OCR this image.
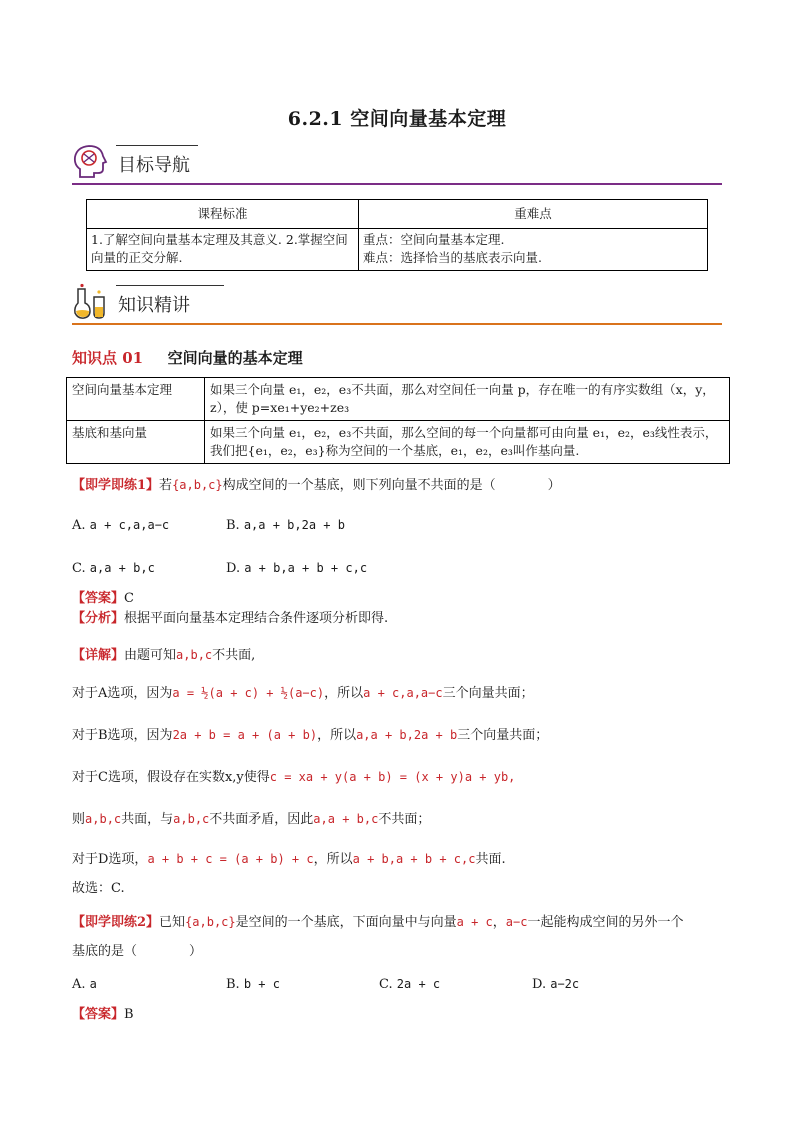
6.2.1 空间向量基本定理
目标导航
课程标准	重难点
1.了解空间向量基本定理及其意义. 2.掌握空间向量的正交分解.	重点：空间向量基本定理.
难点：选择恰当的基底表示向量.
知识精讲
知识点 01 空间向量的基本定理
空间向量基本定理	如果三个向量 e₁，e₂，e₃不共面，那么对空间任一向量 p，存在唯一的有序实数组（x，y，z），使 p=xe₁+ye₂+ze₃
基底和基向量	如果三个向量 e₁，e₂，e₃不共面，那么空间的每一个向量都可由向量 e₁，e₂，e₃线性表示，我们把{e₁，e₂，e₃}称为空间的一个基底，e₁，e₂，e₃叫作基向量.
【即学即练1】若{a,b,c}构成空间的一个基底，则下列向量不共面的是（　　　　）
A. a + c,a,a−c	B. a,a + b,2a + b
C. a,a + b,c	D. a + b,a + b + c,c
【答案】C
【分析】根据平面向量基本定理结合条件逐项分析即得.
【详解】由题可知a,b,c不共面,
对于A选项，因为a = ½(a + c) + ½(a−c)，所以a + c,a,a−c三个向量共面；
对于B选项，因为2a + b = a + (a + b)，所以a,a + b,2a + b三个向量共面；
对于C选项，假设存在实数x,y使得c = xa + y(a + b) = (x + y)a + yb,
则a,b,c共面，与a,b,c不共面矛盾，因此a,a + b,c不共面；
对于D选项，a + b + c = (a + b) + c，所以a + b,a + b + c,c共面.
故选：C.
【即学即练2】已知{a,b,c}是空间的一个基底，下面向量中与向量a + c，a−c一起能构成空间的另外一个
基底的是（　　　　）
A. a	B. b + c	C. 2a + c	D. a−2c
【答案】B
